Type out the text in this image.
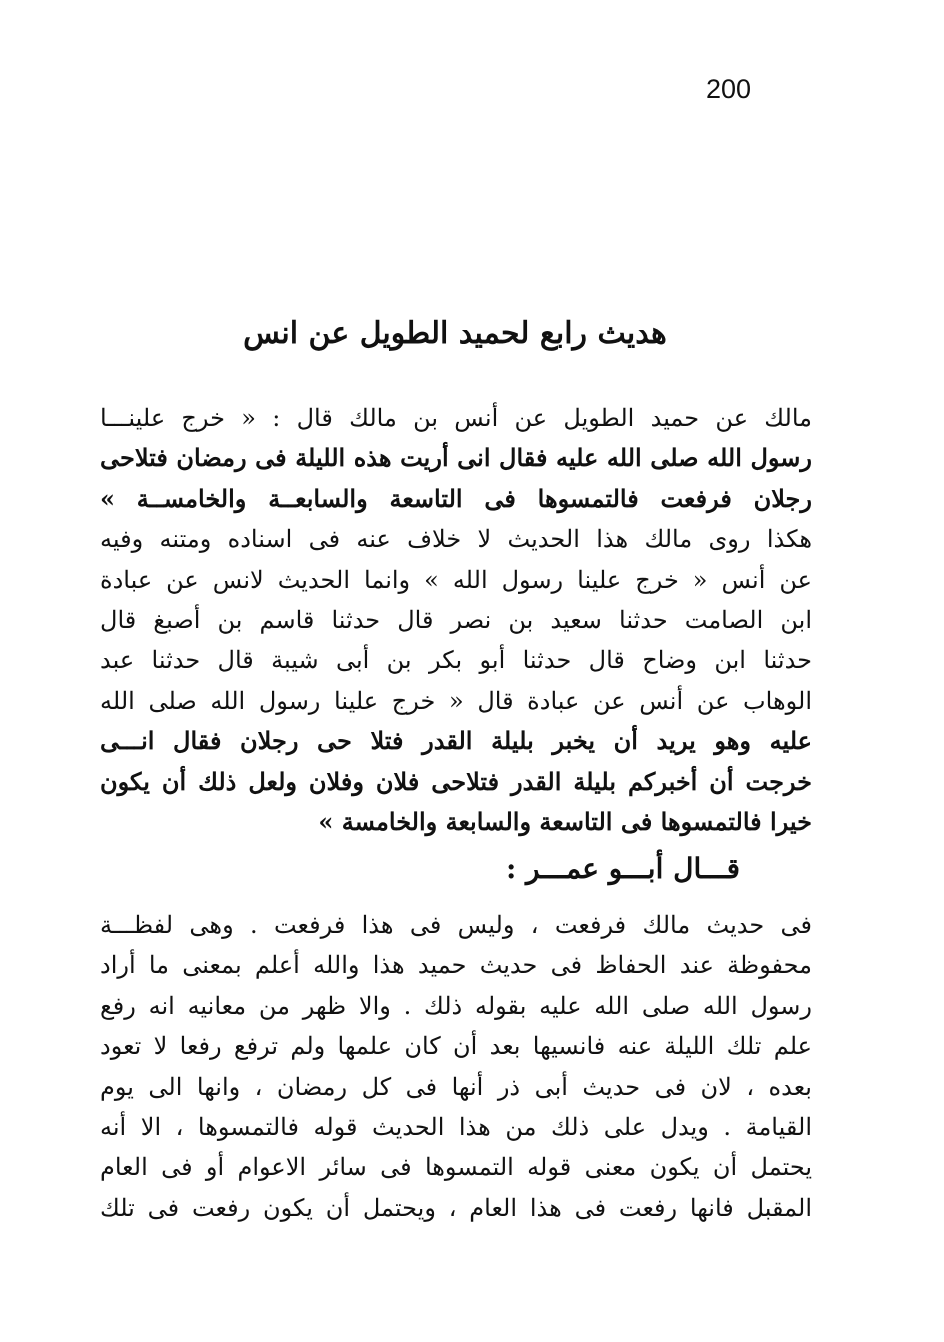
200
هديث رابع لحميد الطويل عن انس
مالك عن حميد الطويل عن أنس بن مالك قال : « خرج علينـــا
رسول الله صلى الله عليه فقال انى أريت هذه الليلة فى رمضان فتلاحى
رجلان فرفعت فالتمسوها فى التاسعة والسابعــة والخامســة »
هكذا روى مالك هذا الحديث لا خلاف عنه فى اسناده ومتنه وفيه
عن أنس « خرج علينا رسول الله » وانما الحديث لانس عن عبادة
ابن الصامت حدثنا سعيد بن نصر قال حدثنا قاسم بن أصبغ قال
حدثنا ابن وضاح قال حدثنا أبو بكر بن أبى شيبة قال حدثنا عبد
الوهاب عن أنس عن عبادة قال « خرج علينا رسول الله صلى الله
عليه وهو يريد أن يخبر بليلة القدر فتلا حى رجلان فقال انـــى
خرجت أن أخبركم بليلة القدر فتلاحى فلان وفلان ولعل ذلك أن يكون
خيرا فالتمسوها فى التاسعة والسابعة والخامسة »
قـــال أبـــو عمـــر :
فى حديث مالك فرفعت ، وليس فى هذا فرفعت . وهى لفظـــة
محفوظة عند الحفاظ فى حديث حميد هذا والله أعلم بمعنى ما أراد
رسول الله صلى الله عليه بقوله ذلك . والا ظهر من معانيه انه رفع
علم تلك الليلة عنه فانسيها بعد أن كان علمها ولم ترفع رفعا لا تعود
بعده ، لان فى حديث أبى ذر أنها فى كل رمضان ، وانها الى يوم
القيامة . ويدل على ذلك من هذا الحديث قوله فالتمسوها ، الا أنه
يحتمل أن يكون معنى قوله التمسوها فى سائر الاعوام أو فى العام
المقبل فانها رفعت فى هذا العام ، ويحتمل أن يكون رفعت فى تلك
